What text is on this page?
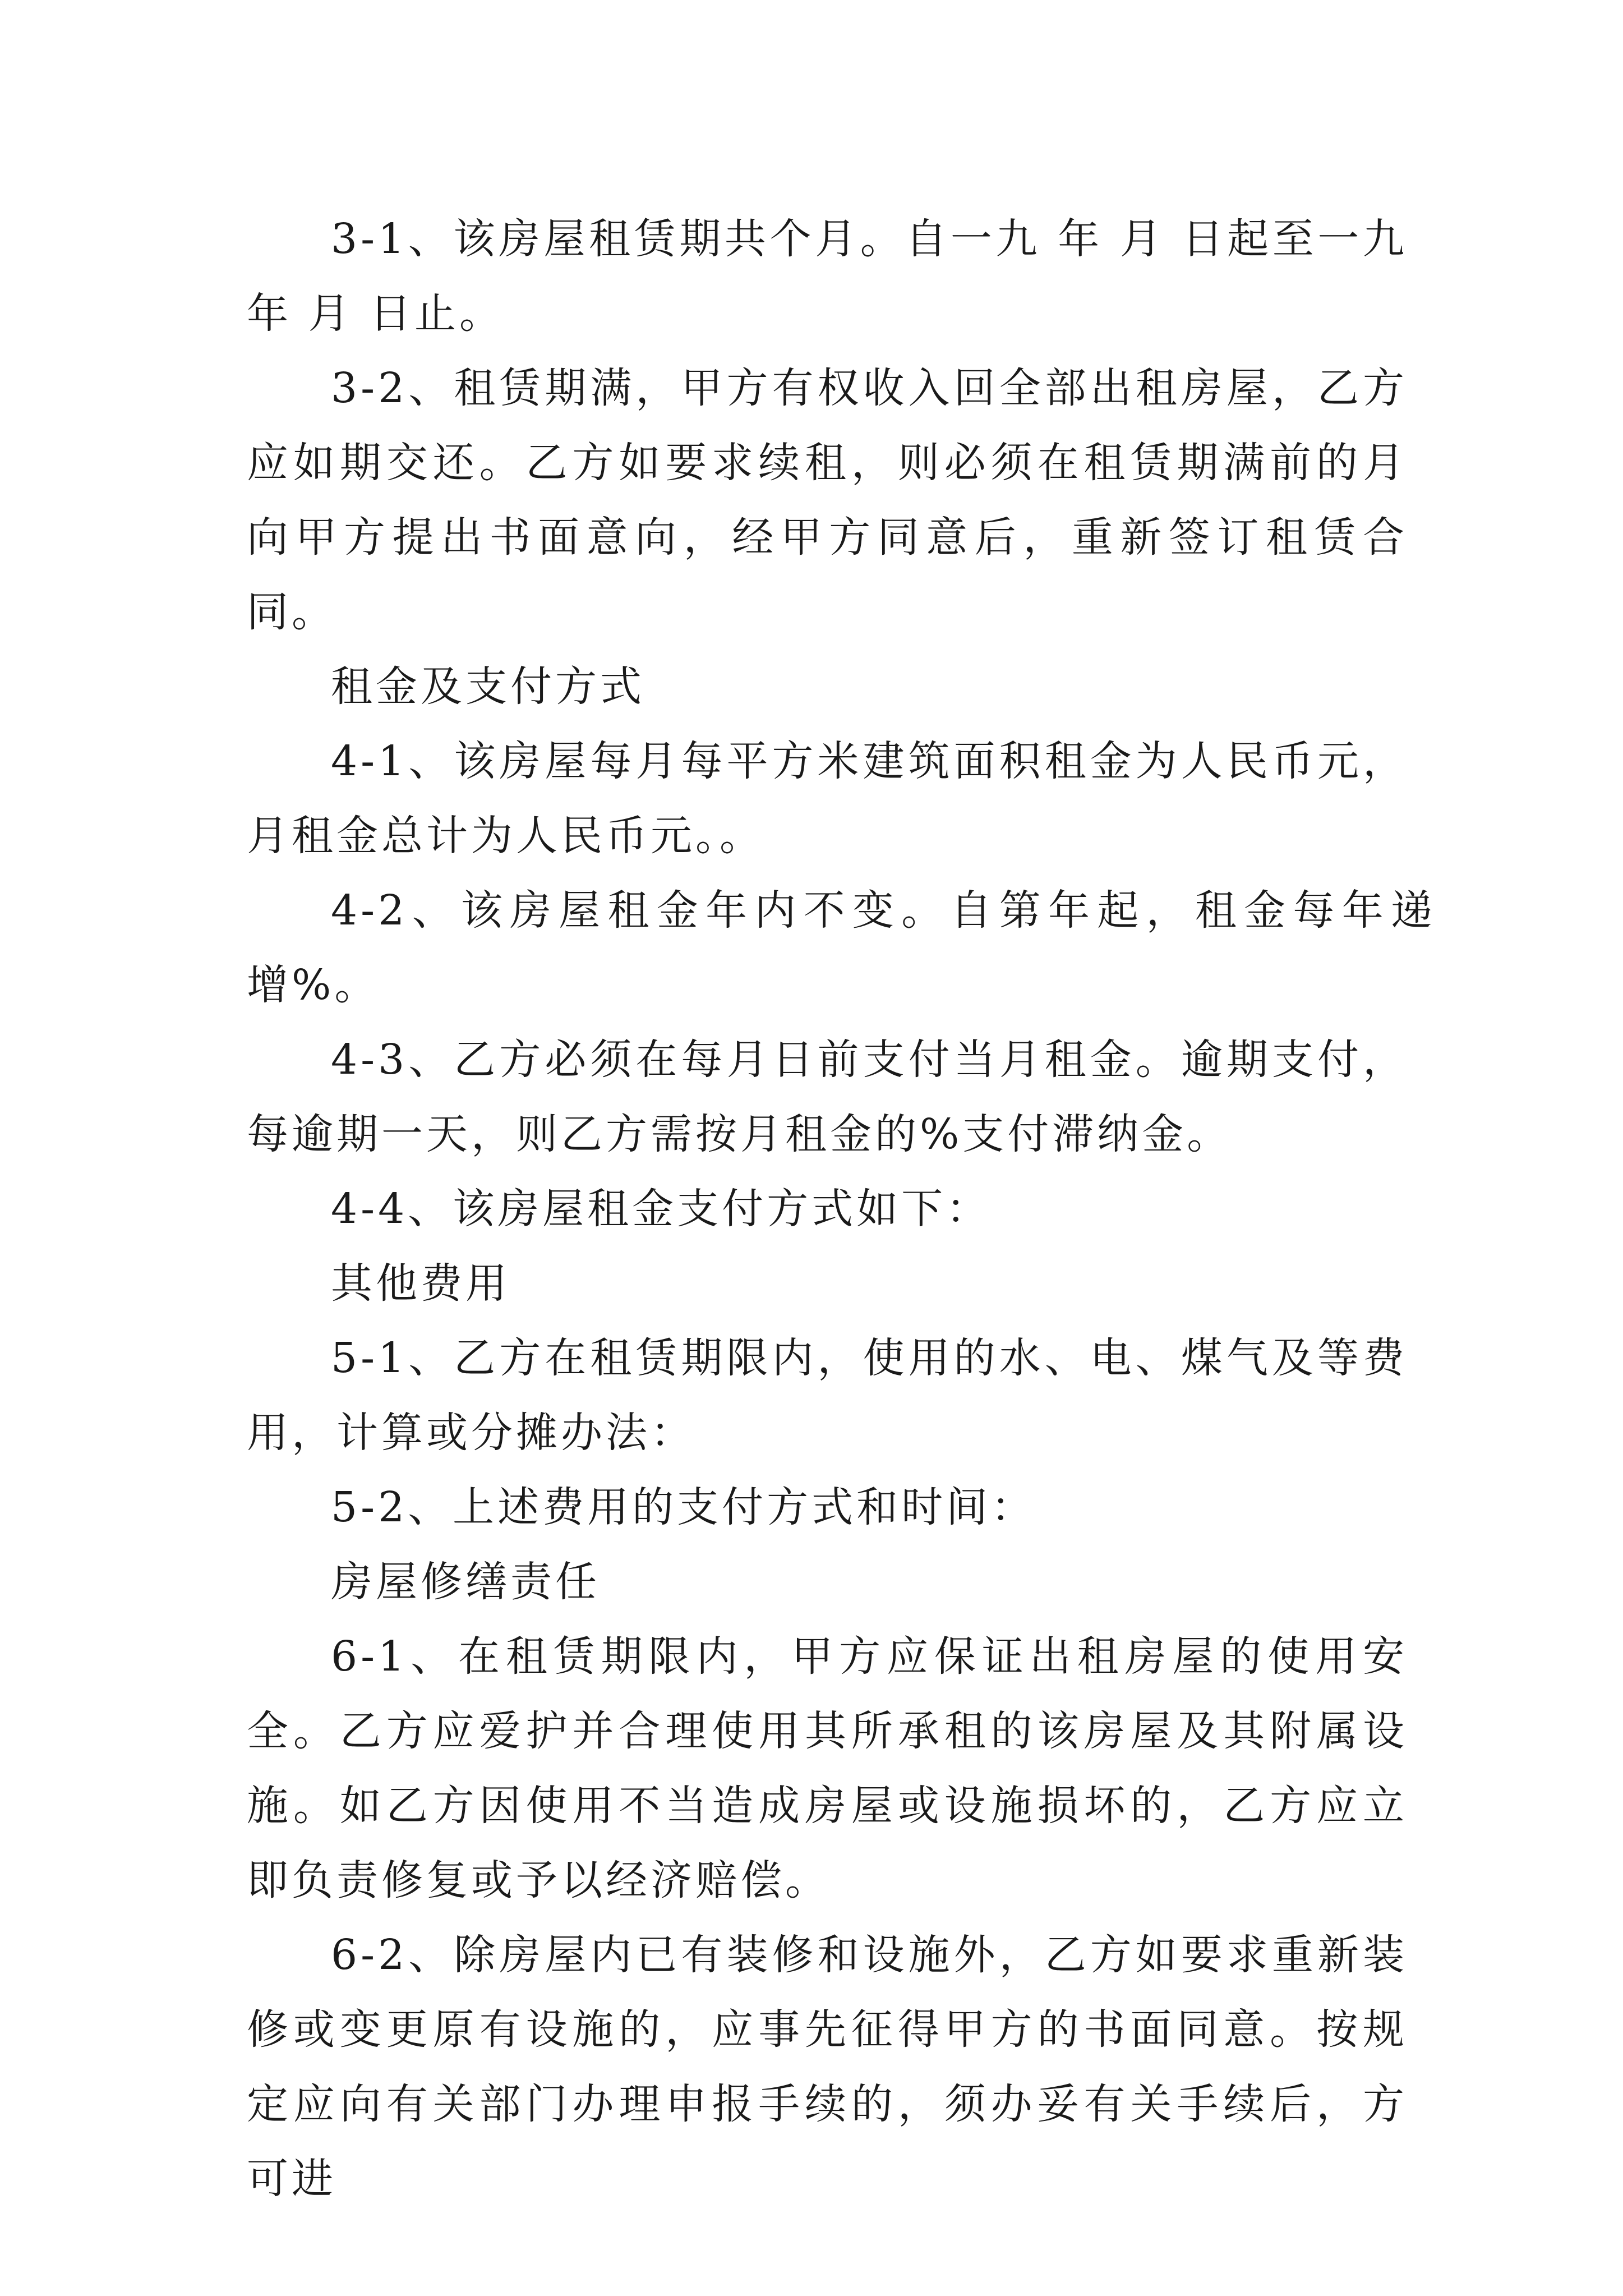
3-1、该房屋租赁期共个月。自一九 年 月 日起至一九年 月 日止。

3-2、租赁期满，甲方有权收入回全部出租房屋，乙方应如期交还。乙方如要求续租，则必须在租赁期满前的月向甲方提出书面意向，经甲方同意后，重新签订租赁合同。

租金及支付方式

4-1、该房屋每月每平方米建筑面积租金为人民币元，月租金总计为人民币元。。

4-2、该房屋租金年内不变。自第年起，租金每年递增%。

4-3、乙方必须在每月日前支付当月租金。逾期支付，每逾期一天，则乙方需按月租金的%支付滞纳金。

4-4、该房屋租金支付方式如下：

其他费用

5-1、乙方在租赁期限内，使用的水、电、煤气及等费用，计算或分摊办法：

5-2、上述费用的支付方式和时间：

房屋修缮责任

6-1、在租赁期限内，甲方应保证出租房屋的使用安全。乙方应爱护并合理使用其所承租的该房屋及其附属设施。如乙方因使用不当造成房屋或设施损坏的，乙方应立即负责修复或予以经济赔偿。

6-2、除房屋内已有装修和设施外，乙方如要求重新装修或变更原有设施的，应事先征得甲方的书面同意。按规定应向有关部门办理申报手续的，须办妥有关手续后，方可进
